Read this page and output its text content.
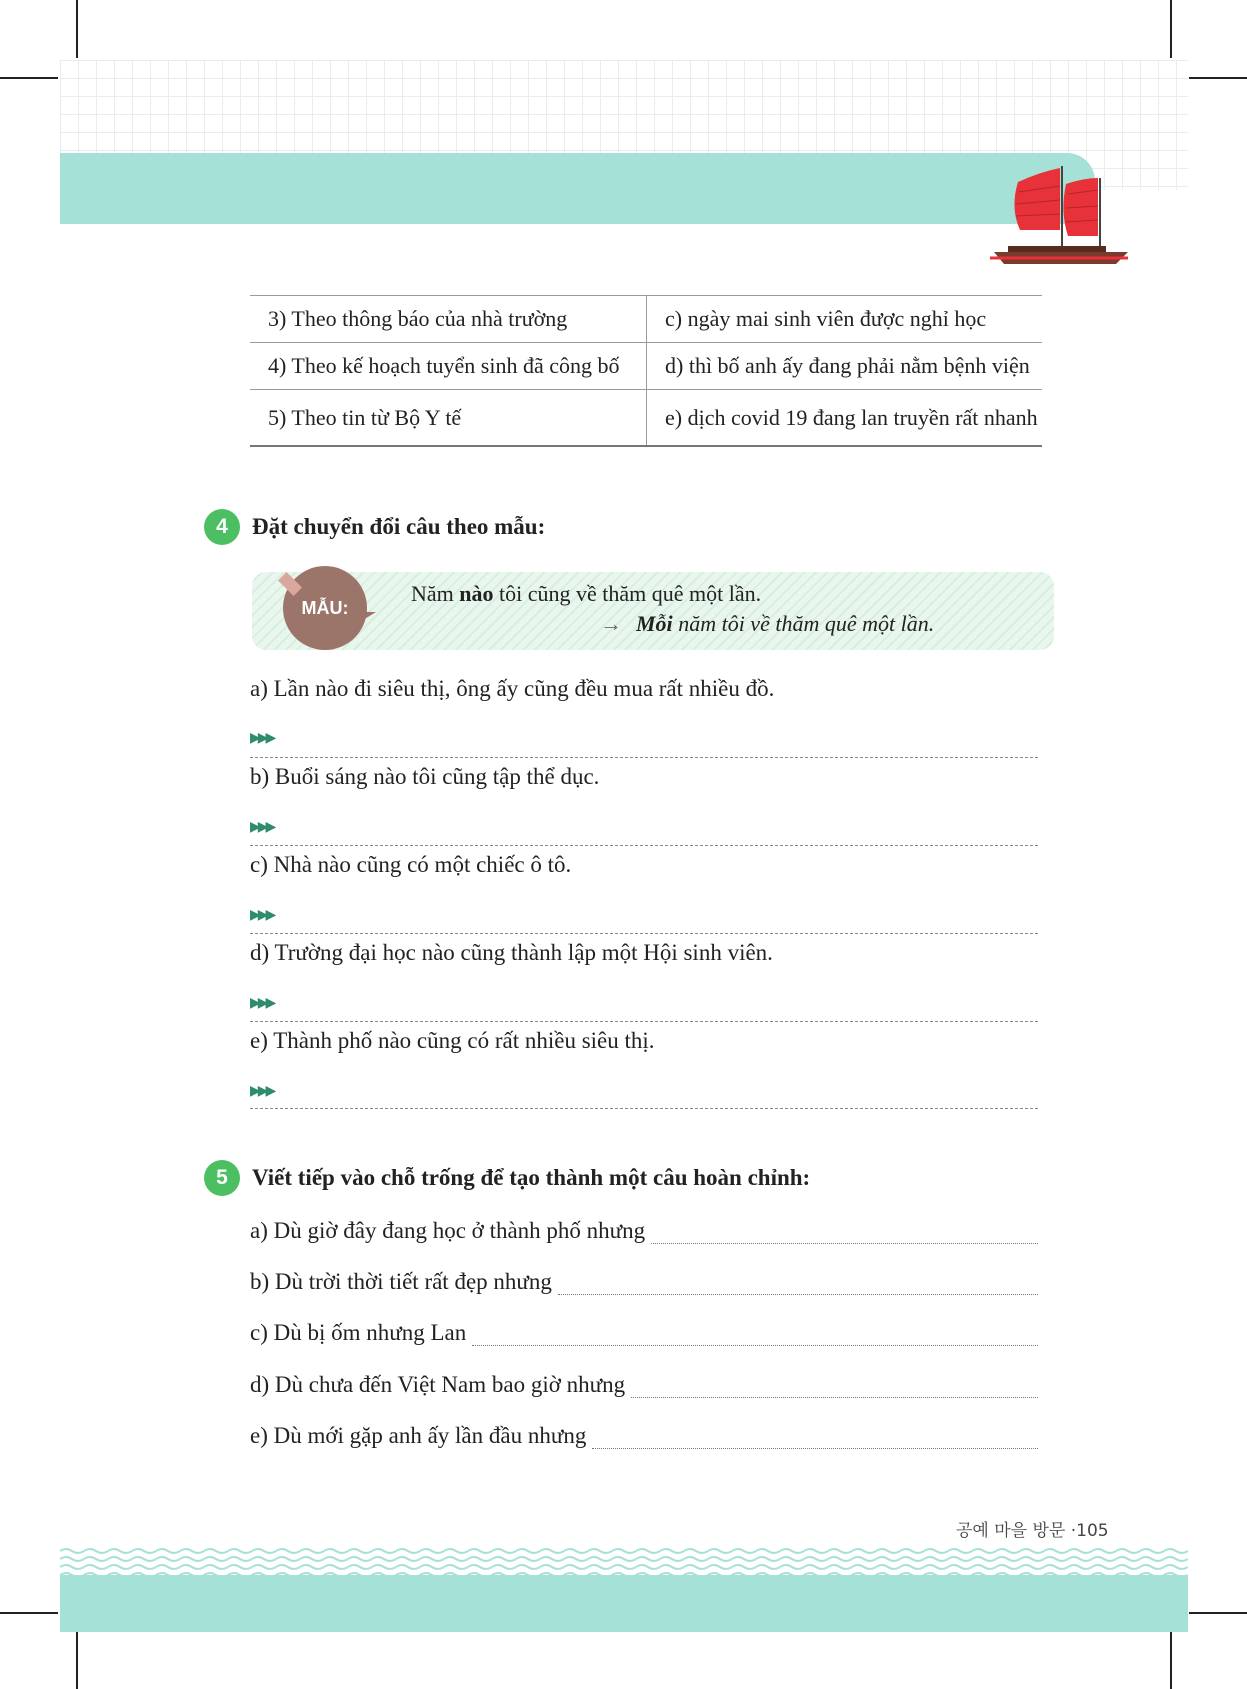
3) Theo thông báo của nhà trường	c) ngày mai sinh viên được nghỉ học
4) Theo kế hoạch tuyển sinh đã công bố	d) thì bố anh ấy đang phải nằm bệnh viện
5) Theo tin từ Bộ Y tế	e) dịch covid 19 đang lan truyền rất nhanh
4	Đặt chuyển đổi câu theo mẫu:
MẪU:
Năm nào tôi cũng về thăm quê một lần.
→ Mỗi năm tôi về thăm quê một lần.
a) Lần nào đi siêu thị, ông ấy cũng đều mua rất nhiều đồ.
▶▶▶
b) Buổi sáng nào tôi cũng tập thể dục.
▶▶▶
c) Nhà nào cũng có một chiếc ô tô.
▶▶▶
d) Trường đại học nào cũng thành lập một Hội sinh viên.
▶▶▶
e) Thành phố nào cũng có rất nhiều siêu thị.
▶▶▶
5	Viết tiếp vào chỗ trống để tạo thành một câu hoàn chỉnh:
a) Dù giờ đây đang học ở thành phố nhưng
b) Dù trời thời tiết rất đẹp nhưng
c) Dù bị ốm nhưng Lan
d) Dù chưa đến Việt Nam bao giờ nhưng
e) Dù mới gặp anh ấy lần đầu nhưng
공예 마을 방문 ·105
